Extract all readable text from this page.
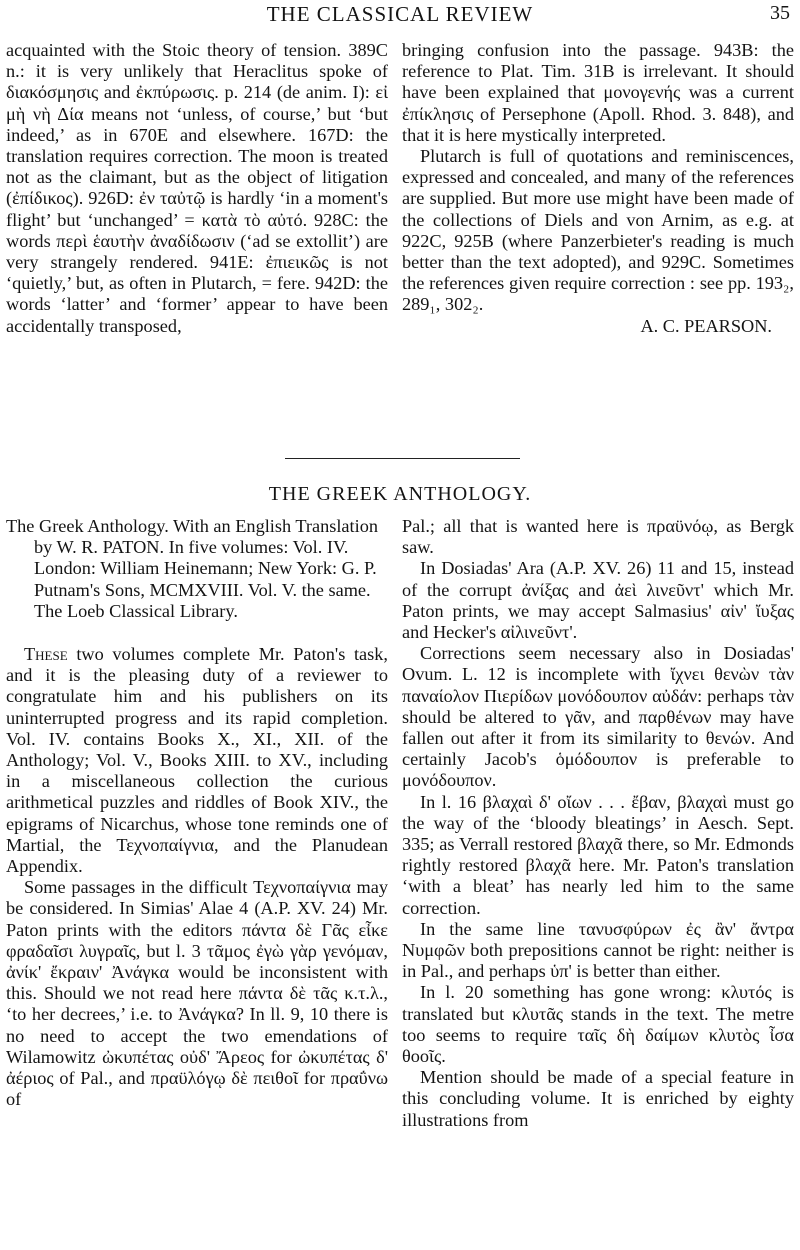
THE CLASSICAL REVIEW	35

acquainted with the Stoic theory of tension. 389C n.: it is very unlikely that Heraclitus spoke of διακόσμησις and ἐκπύρωσις. p. 214 (de anim. I): εἰ μὴ νὴ Δία means not ‘unless, of course,’ but ‘but indeed,’ as in 670E and elsewhere. 167D: the translation requires correction. The moon is treated not as the claimant, but as the object of litigation (ἐπίδικος). 926D: ἐν ταὐτῷ is hardly ‘in a moment's flight’ but ‘unchanged’ = κατὰ τὸ αὐτό. 928C: the words περὶ ἑαυτὴν ἀναδίδωσιν (‘ad se extollit’) are very strangely rendered. 941E: ἐπιεικῶς is not ‘quietly,’ but, as often in Plutarch, = fere. 942D: the words ‘latter’ and ‘former’ appear to have been accidentally transposed,

bringing confusion into the passage. 943B: the reference to Plat. Tim. 31B is irrelevant. It should have been explained that μονογενής was a current ἐπίκλησις of Persephone (Apoll. Rhod. 3. 848), and that it is here mystically interpreted.

Plutarch is full of quotations and reminiscences, expressed and concealed, and many of the references are supplied. But more use might have been made of the collections of Diels and von Arnim, as e.g. at 922C, 925B (where Panzerbieter's reading is much better than the text adopted), and 929C. Sometimes the references given require correction : see pp. 193₂, 289₁, 302₂.

A. C. PEARSON.

THE GREEK ANTHOLOGY.

The Greek Anthology. With an English Translation by W. R. PATON. In five volumes: Vol. IV. London: William Heinemann; New York: G. P. Putnam's Sons, MCMXVIII. Vol. V. the same. The Loeb Classical Library.

These two volumes complete Mr. Paton's task, and it is the pleasing duty of a reviewer to congratulate him and his publishers on its uninterrupted progress and its rapid completion. Vol. IV. contains Books X., XI., XII. of the Anthology; Vol. V., Books XIII. to XV., including in a miscellaneous collection the curious arithmetical puzzles and riddles of Book XIV., the epigrams of Nicarchus, whose tone reminds one of Martial, the Τεχνοπαίγνια, and the Planudean Appendix.

Some passages in the difficult Τεχνοπαίγνια may be considered. In Simias' Alae 4 (A.P. XV. 24) Mr. Paton prints with the editors πάντα δὲ Γᾶς εἶκε φραδαῖσι λυγραῖς, but l. 3 τᾶμος ἐγὼ γὰρ γενόμαν, ἀνίκ' ἔκραιν' Ἀνάγκα would be inconsistent with this. Should we not read here πάντα δὲ τᾶς κ.τ.λ., ‘to her decrees,’ i.e. to Ἀνάγκα? In ll. 9, 10 there is no need to accept the two emendations of Wilamowitz ὠκυπέτας οὐδ' Ἄρεος for ὠκυπέτας δ' ἀέριος of Pal., and πραϋλόγῳ δὲ πειθοῖ for πραΰνω of

Pal.; all that is wanted here is πραϋνόῳ, as Bergk saw.

In Dosiadas' Ara (A.P. XV. 26) 11 and 15, instead of the corrupt ἀνίξας and ἀεὶ λινεῦντ' which Mr. Paton prints, we may accept Salmasius' αἰν' ἴυξας and Hecker's αἰλινεῦντ'.

Corrections seem necessary also in Dosiadas' Ovum. L. 12 is incomplete with ἴχνει θενὼν τὰν παναίολον Πιερίδων μονόδουπον αὐδάν: perhaps τὰν should be altered to γᾶν, and παρθένων may have fallen out after it from its similarity to θενών. And certainly Jacob's ὁμόδουπον is preferable to μονόδουπον.

In l. 16 βλαχαὶ δ' οἴων . . . ἔβαν, βλαχαὶ must go the way of the ‘bloody bleatings’ in Aesch. Sept. 335; as Verrall restored βλαχᾶ there, so Mr. Edmonds rightly restored βλαχᾶ here. Mr. Paton's translation ‘with a bleat’ has nearly led him to the same correction.

In the same line τανυσφύρων ἐς ἂν' ἄντρα Νυμφῶν both prepositions cannot be right: neither is in Pal., and perhaps ὑπ' is better than either.

In l. 20 something has gone wrong: κλυτός is translated but κλυτᾶς stands in the text. The metre too seems to require ταῖς δὴ δαίμων κλυτὸς ἶσα θοοῖς.

Mention should be made of a special feature in this concluding volume. It is enriched by eighty illustrations from
